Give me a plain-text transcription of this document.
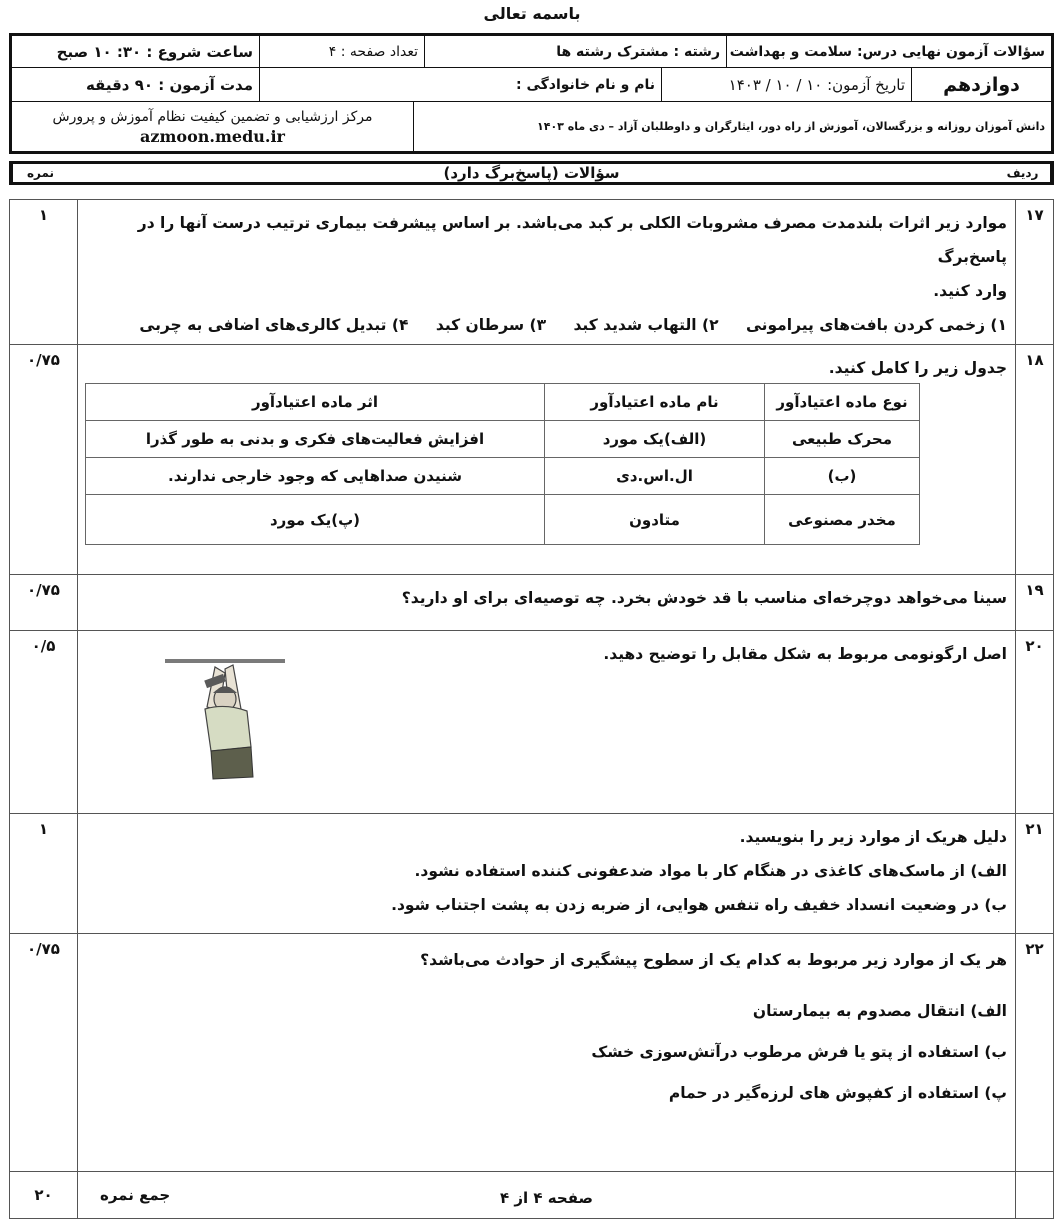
باسمه تعالی
سؤالات آزمون نهایی درس: سلامت و بهداشت
رشته : مشترک رشته ها
تعداد صفحه : ۴
ساعت شروع : ۳۰: ۱۰ صبح
دوازدهم
تاریخ آزمون: ۱۰ / ۱۰ / ۱۴۰۳
نام و نام خانوادگی :
مدت آزمون : ۹۰ دقیقه
دانش آموزان روزانه و بزرگسالان، آموزش از راه دور، ایثارگران و داوطلبان آزاد – دی ماه ۱۴۰۳
مرکز ارزشیابی و تضمین کیفیت نظام آموزش و پرورش
azmoon.medu.ir
ردیف
سؤالات (پاسخ‌برگ دارد)
نمره
۱۷
موارد زیر اثرات بلندمدت مصرف مشروبات الکلی بر کبد می‌باشد. بر اساس پیشرفت بیماری ترتیب درست آنها را در پاسخ‌برگ
وارد کنید.
۱) زخمی کردن بافت‌های پیرامونی ۲) التهاب شدید کبد ۳) سرطان کبد ۴) تبدیل کالری‌های اضافی به چربی
۱
۱۸
جدول زیر را کامل کنید.
نوع ماده اعتیادآور	نام ماده اعتیادآور	اثر ماده اعتیادآور
محرک طبیعی	(الف)یک مورد	افزایش فعالیت‌های فکری و بدنی به طور گذرا
(ب)	ال.اس.دی	شنیدن صداهایی که وجود خارجی ندارند.
مخدر مصنوعی	متادون	(پ)یک مورد
۰/۷۵
۱۹
سینا می‌خواهد دوچرخه‌ای مناسب با قد خودش بخرد. چه توصیه‌ای برای او دارید؟
۰/۷۵
۲۰
اصل ارگونومی مربوط به شکل مقابل را توضیح دهید.
۰/۵
۲۱
دلیل هریک از موارد زیر را بنویسید.
الف) از ماسک‌های کاغذی در هنگام کار با مواد ضدعفونی کننده استفاده نشود.
ب) در وضعیت انسداد خفیف راه تنفس هوایی، از ضربه زدن به پشت اجتناب شود.
۱
۲۲
هر یک از موارد زیر مربوط به کدام یک از سطوح پیشگیری از حوادث می‌باشد؟
الف) انتقال مصدوم به بیمارستان
ب) استفاده از پتو یا فرش مرطوب درآتش‌سوزی خشک
پ) استفاده از کفپوش های لرزه‌گیر در حمام
۰/۷۵
صفحه ۴ از ۴
جمع نمره
۲۰
